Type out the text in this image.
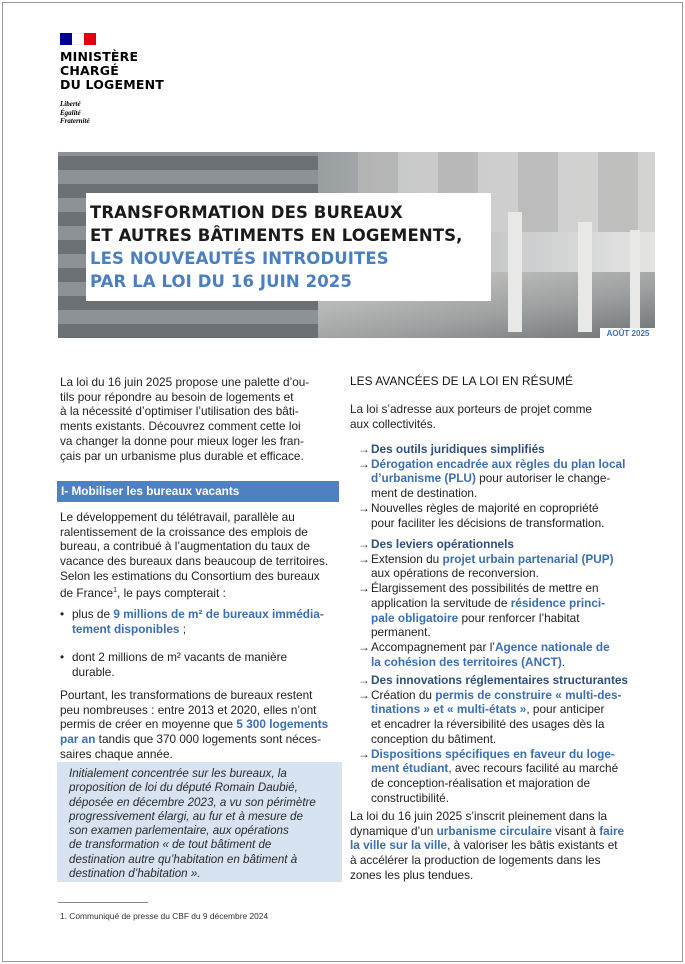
MINISTÈRE
CHARGÉ
DU LOGEMENT
Liberté
Égalité
Fraternité
TRANSFORMATION DES BUREAUX
ET AUTRES BÂTIMENTS EN LOGEMENTS,
LES NOUVEAUTÉS INTRODUITES
PAR LA LOI DU 16 JUIN 2025
AOÛT 2025
La loi du 16 juin 2025 propose une palette d’ou-
tils pour répondre au besoin de logements et
à la nécessité d’optimiser l’utilisation des bâti-
ments existants. Découvrez comment cette loi
va changer la donne pour mieux loger les fran-
çais par un urbanisme plus durable et efficace.
I- Mobiliser les bureaux vacants
Le développement du télétravail, parallèle au
ralentissement de la croissance des emplois de
bureau, a contribué à l’augmentation du taux de
vacance des bureaux dans beaucoup de territoires.
Selon les estimations du Consortium des bureaux
de France$^1$, le pays compterait :
• plus de 9 millions de m² de bureaux immédia-
tement disponibles ;
• dont 2 millions de m² vacants de manière
durable.
Pourtant, les transformations de bureaux restent
peu nombreuses : entre 2013 et 2020, elles n’ont
permis de créer en moyenne que 5 300 logements
par an tandis que 370 000 logements sont néces-
saires chaque année.
Initialement concentrée sur les bureaux, la
proposition de loi du député Romain Daubié,
déposée en décembre 2023, a vu son périmètre
progressivement élargi, au fur et à mesure de
son examen parlementaire, aux opérations
de transformation « de tout bâtiment de
destination autre qu’habitation en bâtiment à
destination d’habitation ».
LES AVANCÉES DE LA LOI EN RÉSUMÉ
La loi s’adresse aux porteurs de projet comme
aux collectivités.
→ Des outils juridiques simplifiés
→ Dérogation encadrée aux règles du plan local
d’urbanisme (PLU) pour autoriser le change-
ment de destination.
→ Nouvelles règles de majorité en copropriété
pour faciliter les décisions de transformation.
→ Des leviers opérationnels
→ Extension du projet urbain partenarial (PUP)
aux opérations de reconversion.
→ Élargissement des possibilités de mettre en
application la servitude de résidence princi-
pale obligatoire pour renforcer l’habitat
permanent.
→ Accompagnement par l’Agence nationale de
la cohésion des territoires (ANCT).
→ Des innovations réglementaires structurantes
→ Création du permis de construire « multi-des-
tinations » et « multi-états », pour anticiper
et encadrer la réversibilité des usages dès la
conception du bâtiment.
→ Dispositions spécifiques en faveur du loge-
ment étudiant, avec recours facilité au marché
de conception-réalisation et majoration de
constructibilité.
La loi du 16 juin 2025 s’inscrit pleinement dans la
dynamique d’un urbanisme circulaire visant à faire
la ville sur la ville, à valoriser les bâtis existants et
à accélérer la production de logements dans les
zones les plus tendues.
1. Communiqué de presse du CBF du 9 décembre 2024
